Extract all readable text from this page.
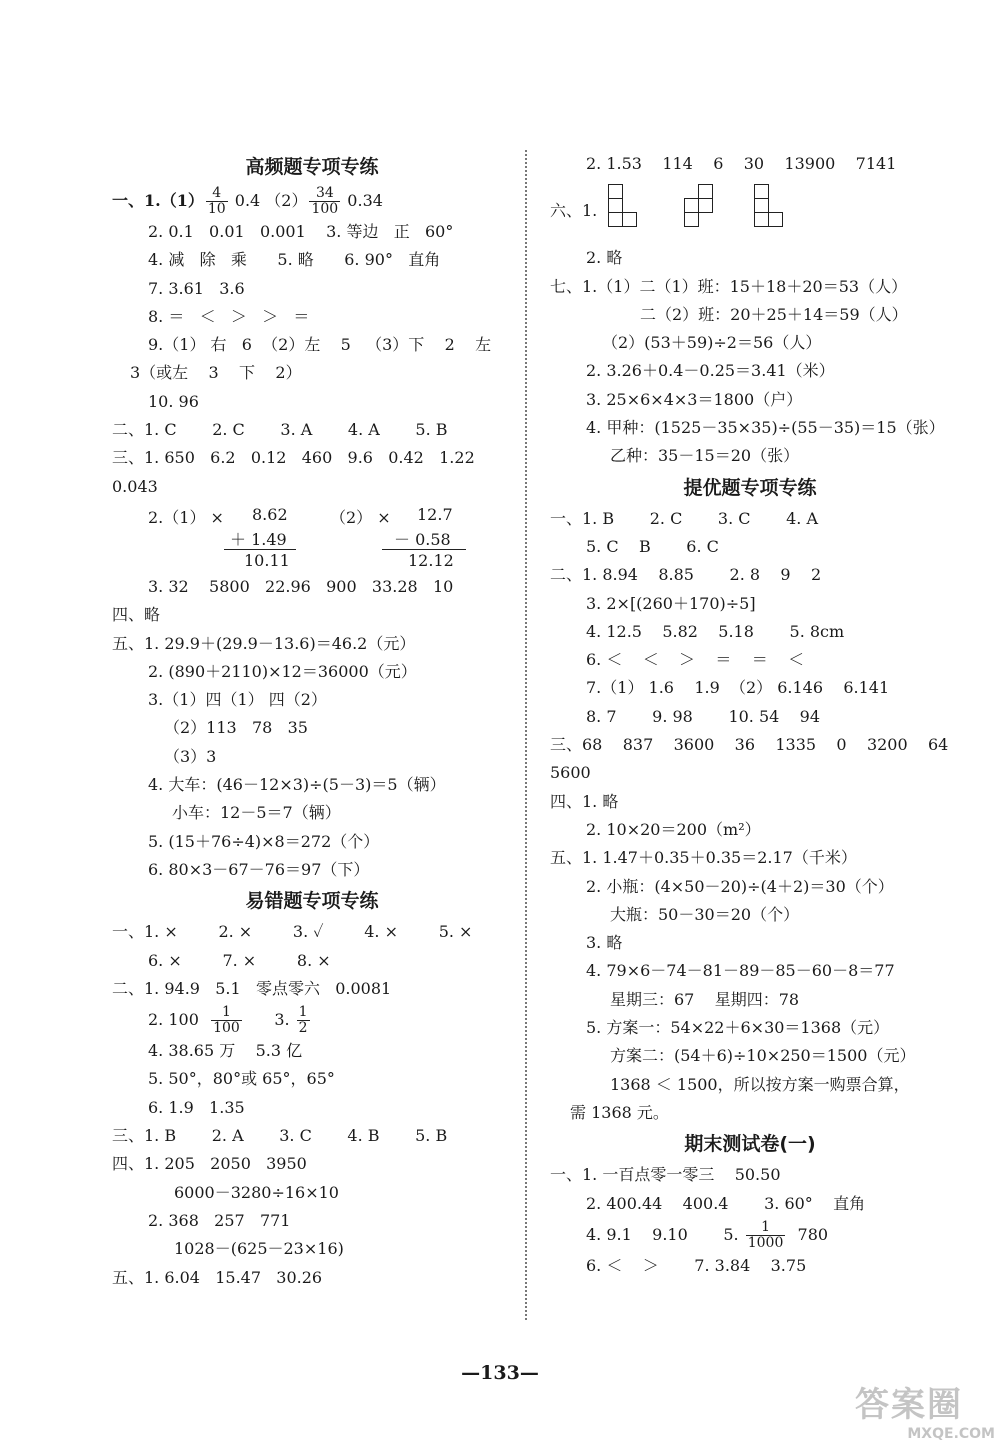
高频题专项专练
一、$1.(1) \frac{4}{10} 0.4$ $(2) \frac{34}{100} 0.34$
2. 0.1   0.01   0.001    3. 等边   正   60°
4. 减   除   乘      5. 略      6. 90°   直角
7. 3.61   3.6
8. ＝   ＜   ＞   ＞   ＝
9.（1） 右   6  （2）左    5   （3）下    2    左
3（或左    3    下    2）
10. 96
二、1. C       2. C       3. A       4. A       5. B
三、1. 650   6.2   0.12   460   9.6   0.42   1.22
0.043
2.（1） × 8.62
＋ 1.49
10.11
（2） × 12.7
－ 0.58
12.12
3. 32    5800   22.96   900   33.28   10
四、略
五、1. 29.9＋(29.9－13.6)＝46.2（元）
2. (890＋2110)×12＝36000（元）
3.（1）四（1） 四（2）
（2）113   78   35
（3）3
4. 大车：(46－12×3)÷(5－3)＝5（辆）
小车：12－5＝7（辆）
5. (15＋76÷4)×8＝272（个）
6. 80×3－67－76＝97（下）
易错题专项专练
一、1. ×        2. ×        3. ✓        4. ×        5. ×
6. ×        7. ×        8. ×
二、1. 94.9   5.1   零点零六   0.0081
2. $100 \frac{1}{100} 3$. $\frac{1}{2}$
4. 38.65 万    5.3 亿
5. 50°，80°或 65°，65°
6. 1.9   1.35
三、1. B       2. A       3. C       4. B       5. B
四、1. 205   2050   3950
6000－3280÷16×10
2. 368   257   771
1028－(625－23×16)
五、1. 6.04   15.47   30.26
2. 1.53    114    6    30    13900    7141
六、1.
2. 略
七、1.（1）二（1）班：15＋18＋20＝53（人）
二（2）班：20＋25＋14＝59（人）
（2）(53＋59)÷2＝56（人）
2. 3.26＋0.4－0.25＝3.41（米）
3. 25×6×4×3＝1800（户）
4. 甲种：(1525－35×35)÷(55－35)＝15（张）
乙种：35－15＝20（张）
提优题专项专练
一、1. B       2. C       3. C       4. A
5. C    B       6. C
二、1. 8.94    8.85       2. 8    9    2
3. 2×[(260＋170)÷5]
4. 12.5    5.82    5.18       5. 8cm
6. ＜    ＜    ＞    ＝    ＝    ＜
7.（1） 1.6    1.9  （2） 6.146    6.141
8. 7       9. 98       10. 54    94
三、68    837    3600    36    1335    0    3200    64
5600
四、1. 略
2. 10×20＝200（m²）
五、1. 1.47＋0.35＋0.35＝2.17（千米）
2. 小瓶：(4×50－20)÷(4＋2)＝30（个）
大瓶：50－30＝20（个）
3. 略
4. 79×6－74－81－89－85－60－8＝77
星期三：67    星期四：78
5. 方案一：54×22＋6×30＝1368（元）
方案二：(54＋6)÷10×250＝1500（元）
1368 ＜ 1500，所以按方案一购票合算，
需 1368 元。
期末测试卷(一)
一、1. 一百点零一零三    50.50
2. 400.44    400.4       3. 60°    直角
4. 9.1    9.10       5. $\frac{1}{1000} 780$
6. ＜    ＞       7. 3.84    3.75
—133—
答案圈
MXQE.COM
